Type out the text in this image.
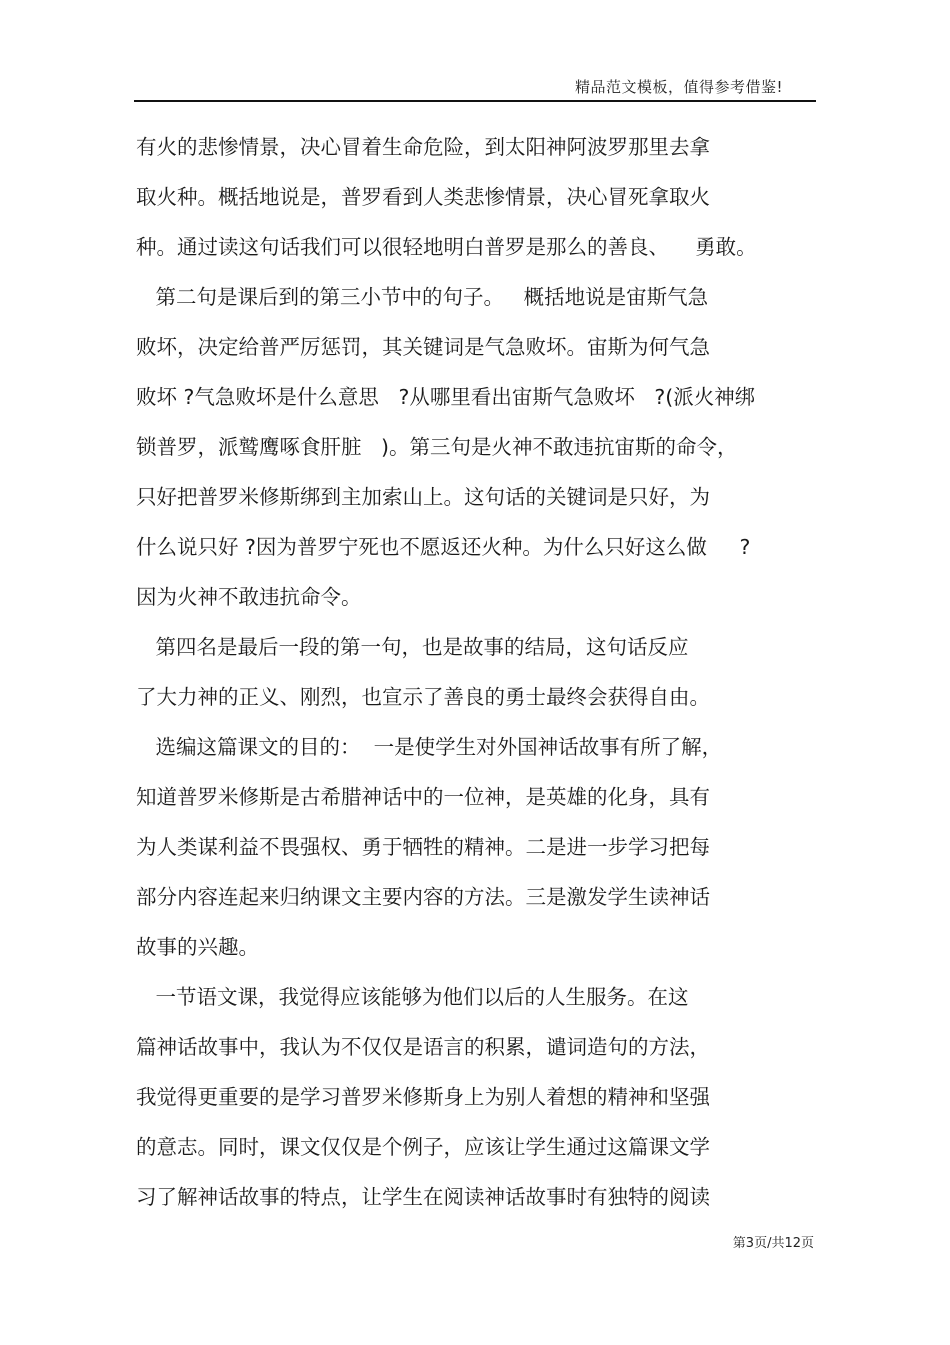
精品范文模板，值得参考借鉴!
有火的悲惨情景，决心冒着生命危险，到太阳神阿波罗那里去拿
取火种。概括地说是，普罗看到人类悲惨情景，决心冒死拿取火
种。通过读这句话我们可以很轻地明白普罗是那么的善良、    勇敢。
第二句是课后到的第三小节中的句子。   概括地说是宙斯气急
败坏，决定给普严厉惩罚，其关键词是气急败坏。宙斯为何气急
败坏 ?气急败坏是什么意思   ?从哪里看出宙斯气急败坏   ?(派火神绑
锁普罗，派鹫鹰啄食肝脏   )。第三句是火神不敢违抗宙斯的命令，
只好把普罗米修斯绑到主加索山上。这句话的关键词是只好，为
什么说只好 ?因为普罗宁死也不愿返还火种。为什么只好这么做     ?
因为火神不敢违抗命令。
第四名是最后一段的第一句，也是故事的结局，这句话反应
了大力神的正义、刚烈，也宣示了善良的勇士最终会获得自由。
选编这篇课文的目的：  一是使学生对外国神话故事有所了解，
知道普罗米修斯是古希腊神话中的一位神，是英雄的化身，具有
为人类谋利益不畏强权、勇于牺牲的精神。二是进一步学习把每
部分内容连起来归纳课文主要内容的方法。三是激发学生读神话
故事的兴趣。
一节语文课，我觉得应该能够为他们以后的人生服务。在这
篇神话故事中，我认为不仅仅是语言的积累，谴词造句的方法，
我觉得更重要的是学习普罗米修斯身上为别人着想的精神和坚强
的意志。同时，课文仅仅是个例子，应该让学生通过这篇课文学
习了解神话故事的特点，让学生在阅读神话故事时有独特的阅读
第3页/共12页
